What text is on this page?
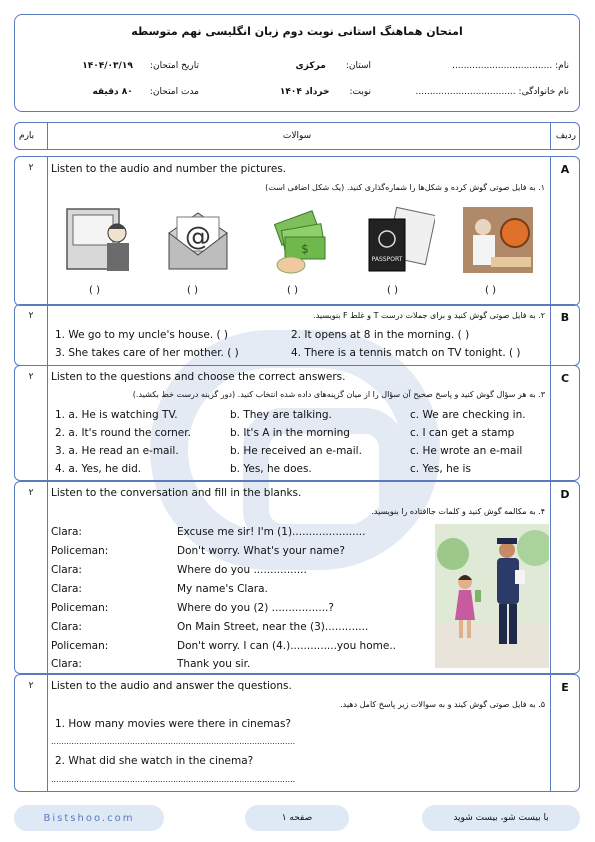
امتحان هماهنگ استانی نوبت دوم زبان انگلیسی نهم متوسطه
نام: ...................................
استان:       مرکزی
تاریخ امتحان:      ۱۴۰۴/۰۳/۱۹
نام خانوادگی: ...................................
نوبت:       خرداد ۱۴۰۴
مدت امتحان:      ۸۰ دقیقه
بارم	سوالات	ردیف
۲	A
Listen to the audio and number the pictures.
۱. به فایل صوتی گوش کرده و شکل‌ها را شماره‌گذاری کنید. (یک شکل اضافی است)
@	$
PASSPORT
( )	( )	( )	( )	( )
۲	B
۲. به فایل صوتی گوش کنید و برای جملات درست T و غلط F بنویسید.
1. We go to my uncle's house. ( )	2. It opens at 8 in the morning. ( )
3. She takes care of her mother. ( )	4. There is a tennis match on TV tonight. ( )
۲	C
Listen to the questions and choose the correct answers.
۳. به هر سؤال گوش کنید و پاسخ صحیح آن سؤال را از میان گزینه‌های داده شده انتخاب کنید. (دور گزینه درست خط بکشید.)
1. a. He is watching TV.	b. They are talking.	c. We are checking in.
2. a. It's round the corner.	b. It's A in the morning	c. I can get a stamp
3. a. He read an e-mail.	b. He received an e-mail.	c. He wrote an e-mail
4. a. Yes, he did.	b. Yes, he does.	c. Yes, he is
۲	D
Listen to the conversation and fill in the blanks.
۴. به مکالمه گوش کنید و کلمات جاافتاده را بنویسید.
Clara:	Excuse me sir! I'm (1)......................
Policeman:	Don't worry. What's your name?
Clara:	Where do you ................
Clara:	My name's Clara.
Policeman:	Where do you (2) .................?
Clara:	On Main Street, near the (3).............
Policeman:	Don't worry. I can (4.)..............you home..
Clara:	Thank you sir.
۲	E
Listen to the audio and answer the questions.
۵. به فایل صوتی گوش کیند و به سوالات زیر پاسخ کامل دهید.
1. How many movies were there in cinemas?
................................................................................................
2. What did she watch in the cinema?
................................................................................................
Bistshoo.com	صفحه ۱	با بیست شو، بیست شوید
